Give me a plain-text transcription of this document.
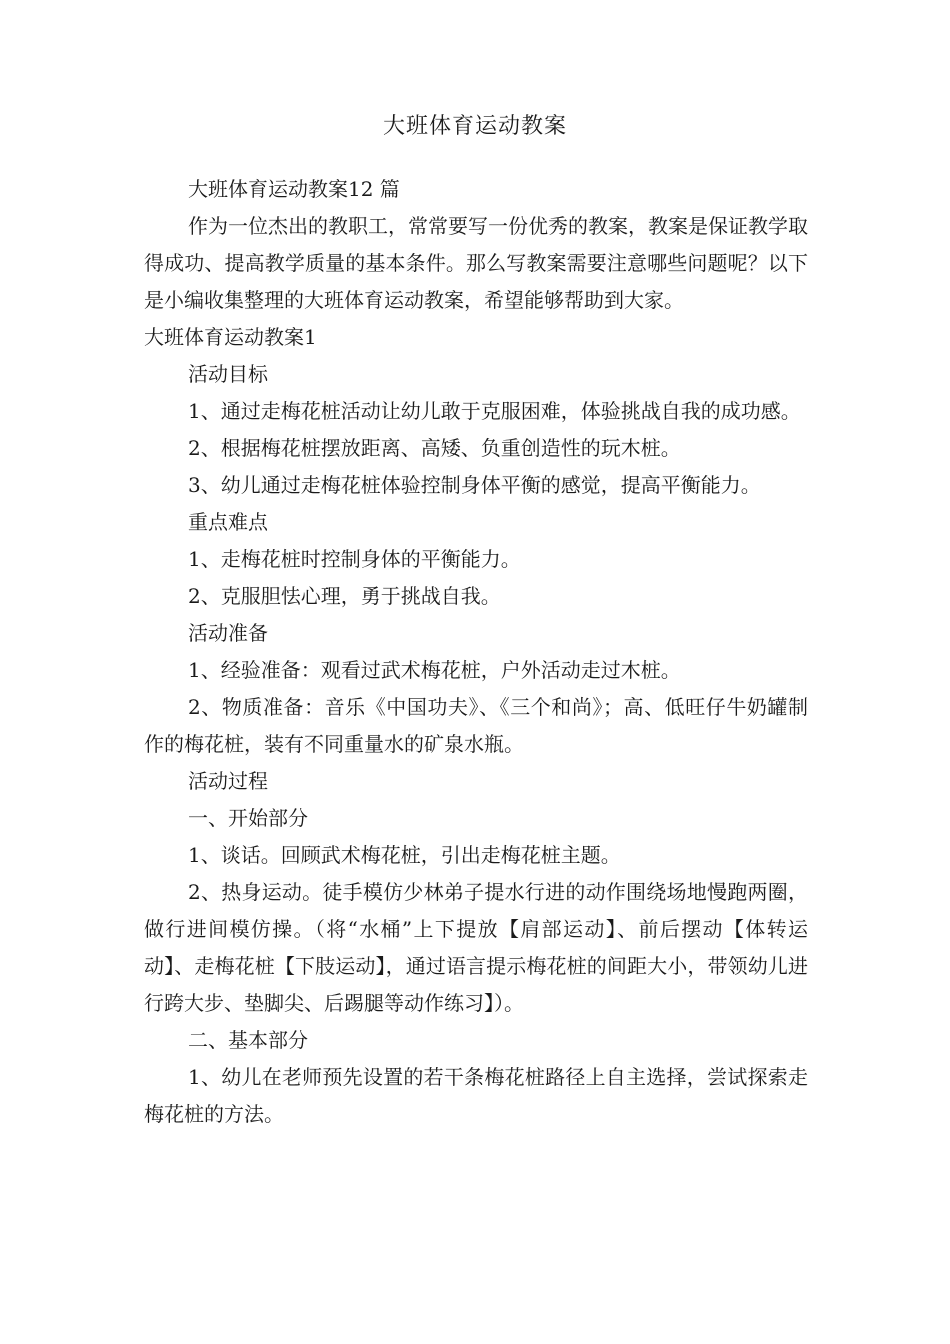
大班体育运动教案

大班体育运动教案12 篇

作为一位杰出的教职工，常常要写一份优秀的教案，教案是保证教学取得成功、提高教学质量的基本条件。那么写教案需要注意哪些问题呢？以下是小编收集整理的大班体育运动教案，希望能够帮助到大家。

大班体育运动教案1

活动目标

1、通过走梅花桩活动让幼儿敢于克服困难，体验挑战自我的成功感。

2、根据梅花桩摆放距离、高矮、负重创造性的玩木桩。

3、幼儿通过走梅花桩体验控制身体平衡的感觉，提高平衡能力。

重点难点

1、走梅花桩时控制身体的平衡能力。

2、克服胆怯心理，勇于挑战自我。

活动准备

1、经验准备：观看过武术梅花桩，户外活动走过木桩。

2、物质准备：音乐《中国功夫》、《三个和尚》；高、低旺仔牛奶罐制作的梅花桩，装有不同重量水的矿泉水瓶。

活动过程

一、开始部分

1、谈话。回顾武术梅花桩，引出走梅花桩主题。

2、热身运动。徒手模仿少林弟子提水行进的动作围绕场地慢跑两圈，做行进间模仿操。（将“水桶”上下提放【肩部运动】、前后摆动【体转运动】、走梅花桩【下肢运动】，通过语言提示梅花桩的间距大小，带领幼儿进行跨大步、垫脚尖、后踢腿等动作练习】）。

二、基本部分

1、幼儿在老师预先设置的若干条梅花桩路径上自主选择，尝试探索走梅花桩的方法。
